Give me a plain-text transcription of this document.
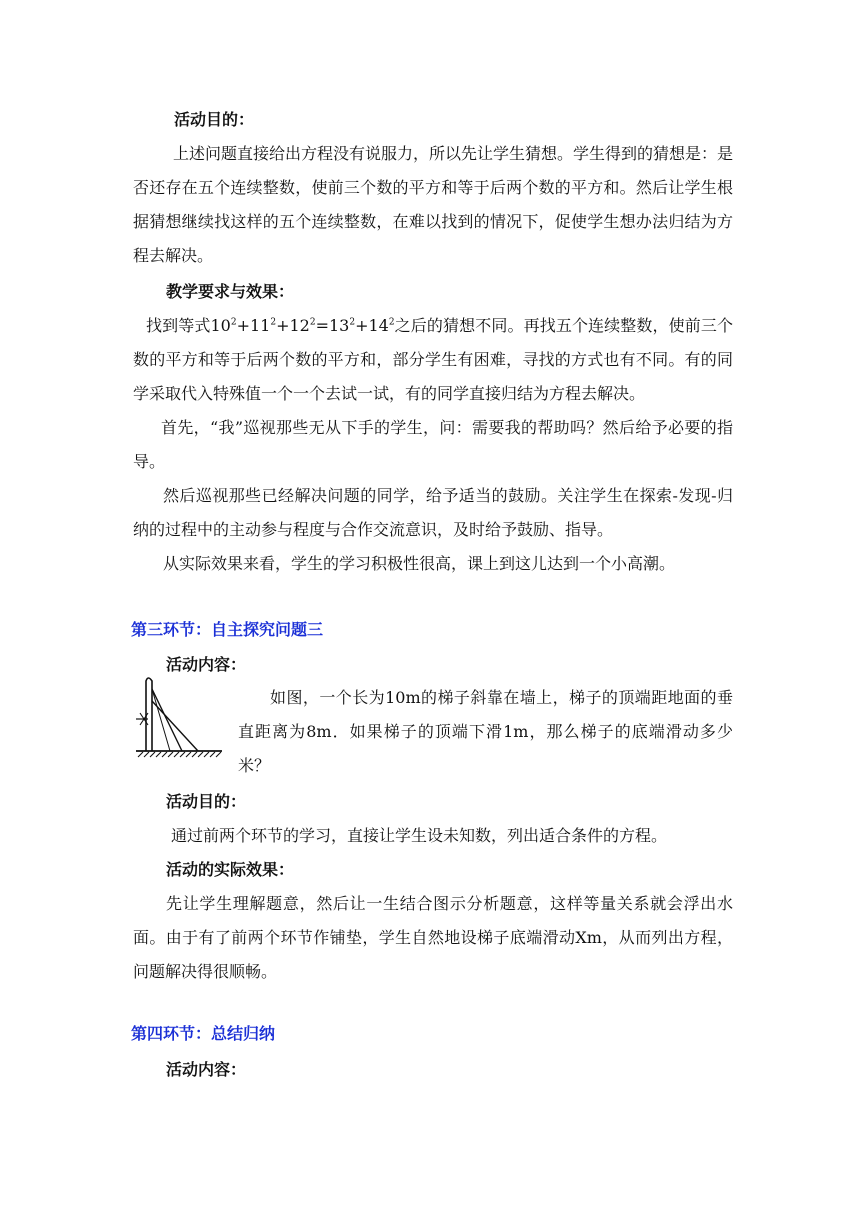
活动目的：
上述问题直接给出方程没有说服力，所以先让学生猜想。学生得到的猜想是：是否还存在五个连续整数，使前三个数的平方和等于后两个数的平方和。然后让学生根据猜想继续找这样的五个连续整数，在难以找到的情况下，促使学生想办法归结为方程去解决。
教学要求与效果：
找到等式$10^2+11^2+12^2=13^2+14^2$之后的猜想不同。再找五个连续整数，使前三个数的平方和等于后两个数的平方和，部分学生有困难，寻找的方式也有不同。有的同学采取代入特殊值一个一个去试一试，有的同学直接归结为方程去解决。
首先，“我”巡视那些无从下手的学生，问：需要我的帮助吗？然后给予必要的指导。
然后巡视那些已经解决问题的同学，给予适当的鼓励。关注学生在探索-发现-归纳的过程中的主动参与程度与合作交流意识，及时给予鼓励、指导。
从实际效果来看，学生的学习积极性很高，课上到这儿达到一个小高潮。
第三环节：自主探究问题三
活动内容：
如图，一个长为10m的梯子斜靠在墙上，梯子的顶端距地面的垂直距离为8m．如果梯子的顶端下滑1m，那么梯子的底端滑动多少米？
活动目的：
通过前两个环节的学习，直接让学生设未知数，列出适合条件的方程。
活动的实际效果：
先让学生理解题意，然后让一生结合图示分析题意，这样等量关系就会浮出水面。由于有了前两个环节作铺垫，学生自然地设梯子底端滑动Xm，从而列出方程，问题解决得很顺畅。
第四环节：总结归纳
活动内容：
